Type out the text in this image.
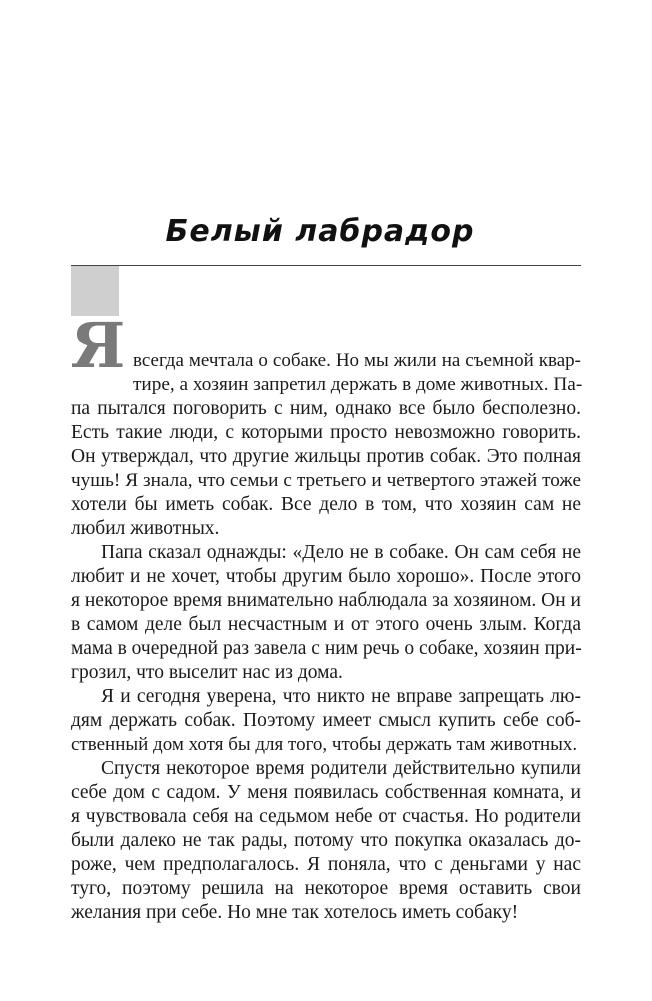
Белый лабрадор
Я всегда мечтала о собаке. Но мы жили на съемной квар-
тире, а хозяин запретил держать в доме животных. Па-
па пытался поговорить с ним, однако все было бесполезно.
Есть такие люди, с которыми просто невозможно говорить.
Он утверждал, что другие жильцы против собак. Это полная
чушь! Я знала, что семьи с третьего и четвертого этажей тоже
хотели бы иметь собак. Все дело в том, что хозяин сам не
любил животных.
Папа сказал однажды: «Дело не в собаке. Он сам себя не
любит и не хочет, чтобы другим было хорошо». После этого
я некоторое время внимательно наблюдала за хозяином. Он и
в самом деле был несчастным и от этого очень злым. Когда
мама в очередной раз завела с ним речь о собаке, хозяин при-
грозил, что выселит нас из дома.
Я и сегодня уверена, что никто не вправе запрещать лю-
дям держать собак. Поэтому имеет смысл купить себе соб-
ственный дом хотя бы для того, чтобы держать там животных.
Спустя некоторое время родители действительно купили
себе дом с садом. У меня появилась собственная комната, и
я чувствовала себя на седьмом небе от счастья. Но родители
были далеко не так рады, потому что покупка оказалась до-
роже, чем предполагалось. Я поняла, что с деньгами у нас
туго, поэтому решила на некоторое время оставить свои
желания при себе. Но мне так хотелось иметь собаку!
